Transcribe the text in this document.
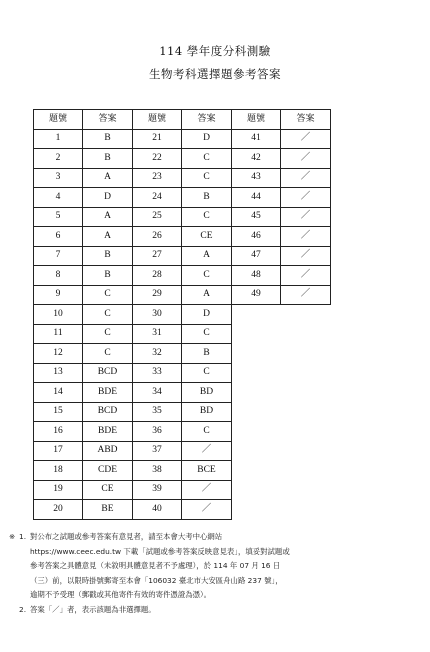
114 學年度分科測驗
生物考科選擇題參考答案
題號	答案	題號	答案	題號	答案
1	B	21	D	41	／
2	B	22	C	42	／
3	A	23	C	43	／
4	D	24	B	44	／
5	A	25	C	45	／
6	A	26	CE	46	／
7	B	27	A	47	／
8	B	28	C	48	／
9	C	29	A	49	／
10	C	30	D		
11	C	31	C		
12	C	32	B		
13	BCD	33	C		
14	BDE	34	BD		
15	BCD	35	BD		
16	BDE	36	C		
17	ABD	37	／		
18	CDE	38	BCE		
19	CE	39	／		
20	BE	40	／		
※ 1. 對公布之試題或參考答案有意見者，請至本會大考中心網站

https://www.ceec.edu.tw 下載「試題或參考答案反映意見表」，填妥對試題或

參考答案之具體意見（未敘明具體意見者不予處理），於 114 年 07 月 16 日

（三）前，以限時掛號郵寄至本會「106032 臺北市大安區舟山路 237 號」，

逾期不予受理（郵戳或其他寄件有效的寄件憑證為憑）。

2. 答案「／」者，表示該題為非選擇題。
